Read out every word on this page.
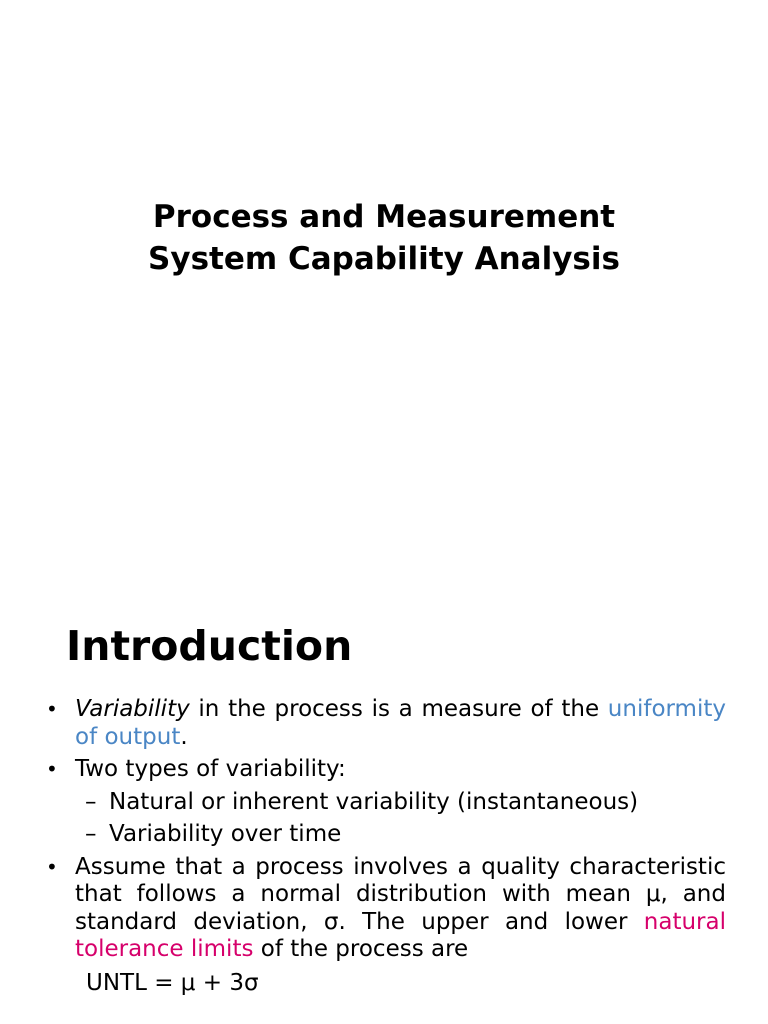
Process and Measurement
System Capability Analysis
Introduction
• Variability in the process is a measure of the uniformity of output.
• Two types of variability:
– Natural or inherent variability (instantaneous)
– Variability over time
• Assume that a process involves a quality characteristic that follows a normal distribution with mean μ, and standard deviation, σ. The upper and lower natural tolerance limits of the process are
UNTL = μ + 3σ
